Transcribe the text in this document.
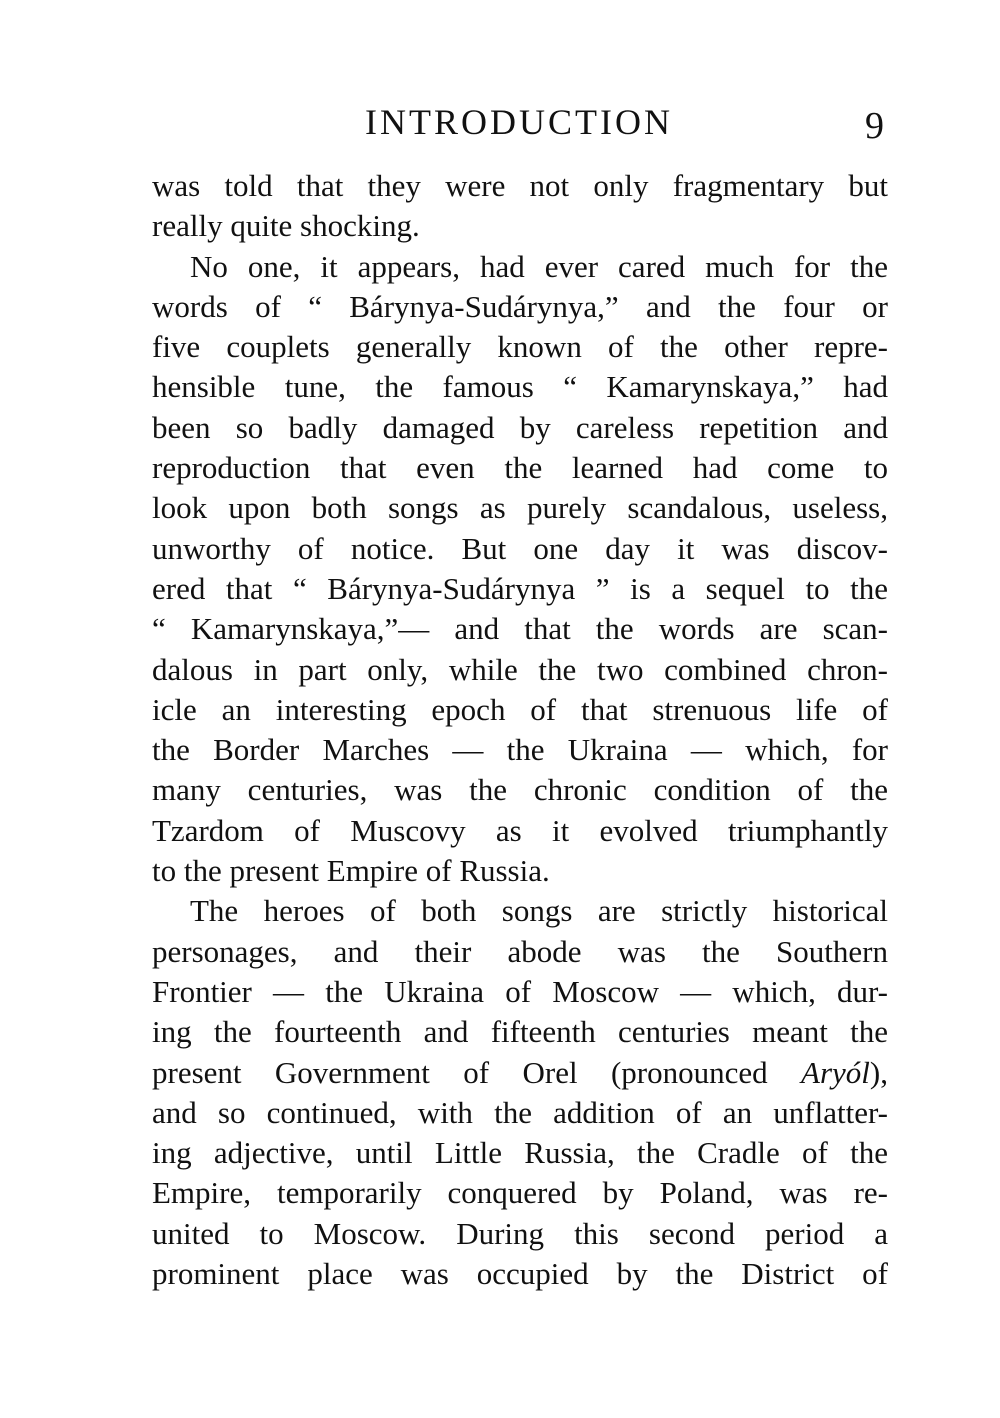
INTRODUCTION	9
was told that they were not only fragmentary but
really quite shocking.
No one, it appears, had ever cared much for the
words of “ Bárynya-Sudárynya,” and the four or
five couplets generally known of the other repre-
hensible tune, the famous “ Kamarynskaya,” had
been so badly damaged by careless repetition and
reproduction that even the learned had come to
look upon both songs as purely scandalous, useless,
unworthy of notice. But one day it was discov-
ered that “ Bárynya-Sudárynya ” is a sequel to the
“ Kamarynskaya,”— and that the words are scan-
dalous in part only, while the two combined chron-
icle an interesting epoch of that strenuous life of
the Border Marches — the Ukraina — which, for
many centuries, was the chronic condition of the
Tzardom of Muscovy as it evolved triumphantly
to the present Empire of Russia.
The heroes of both songs are strictly historical
personages, and their abode was the Southern
Frontier — the Ukraina of Moscow — which, dur-
ing the fourteenth and fifteenth centuries meant the
present Government of Orel (pronounced Aryól),
and so continued, with the addition of an unflatter-
ing adjective, until Little Russia, the Cradle of the
Empire, temporarily conquered by Poland, was re-
united to Moscow. During this second period a
prominent place was occupied by the District of
